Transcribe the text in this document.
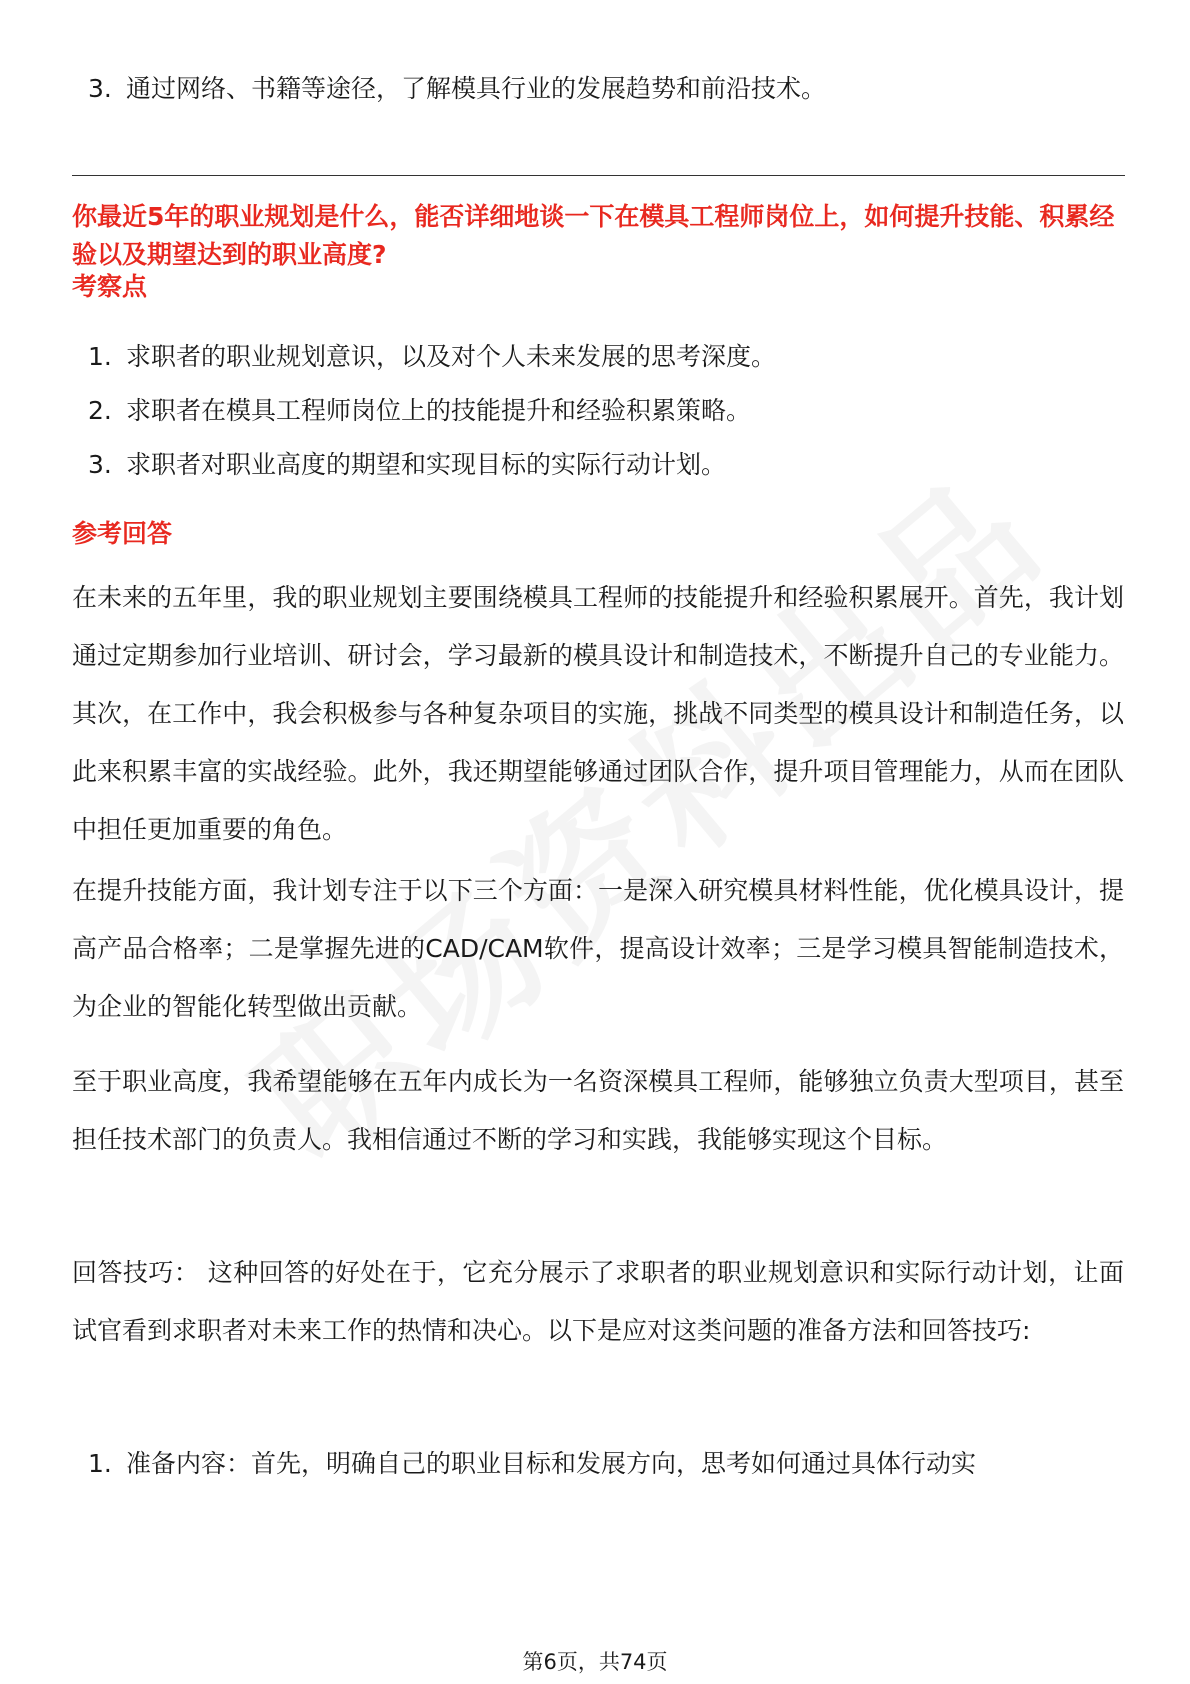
3. 通过网络、书籍等途径，了解模具行业的发展趋势和前沿技术。
你最近5年的职业规划是什么，能否详细地谈一下在模具工程师岗位上，如何提升技能、积累经验以及期望达到的职业高度?
考察点
1. 求职者的职业规划意识，以及对个人未来发展的思考深度。
2. 求职者在模具工程师岗位上的技能提升和经验积累策略。
3. 求职者对职业高度的期望和实现目标的实际行动计划。
参考回答
在未来的五年里，我的职业规划主要围绕模具工程师的技能提升和经验积累展开。首先，我计划通过定期参加行业培训、研讨会，学习最新的模具设计和制造技术，不断提升自己的专业能力。其次，在工作中，我会积极参与各种复杂项目的实施，挑战不同类型的模具设计和制造任务，以此来积累丰富的实战经验。此外，我还期望能够通过团队合作，提升项目管理能力，从而在团队中担任更加重要的角色。
在提升技能方面，我计划专注于以下三个方面：一是深入研究模具材料性能，优化模具设计，提高产品合格率；二是掌握先进的CAD/CAM软件，提高设计效率；三是学习模具智能制造技术，为企业的智能化转型做出贡献。
至于职业高度，我希望能够在五年内成长为一名资深模具工程师，能够独立负责大型项目，甚至担任技术部门的负责人。我相信通过不断的学习和实践，我能够实现这个目标。
回答技巧： 这种回答的好处在于，它充分展示了求职者的职业规划意识和实际行动计划，让面试官看到求职者对未来工作的热情和决心。以下是应对这类问题的准备方法和回答技巧:
1. 准备内容：首先，明确自己的职业目标和发展方向，思考如何通过具体行动实
第6页，共74页
